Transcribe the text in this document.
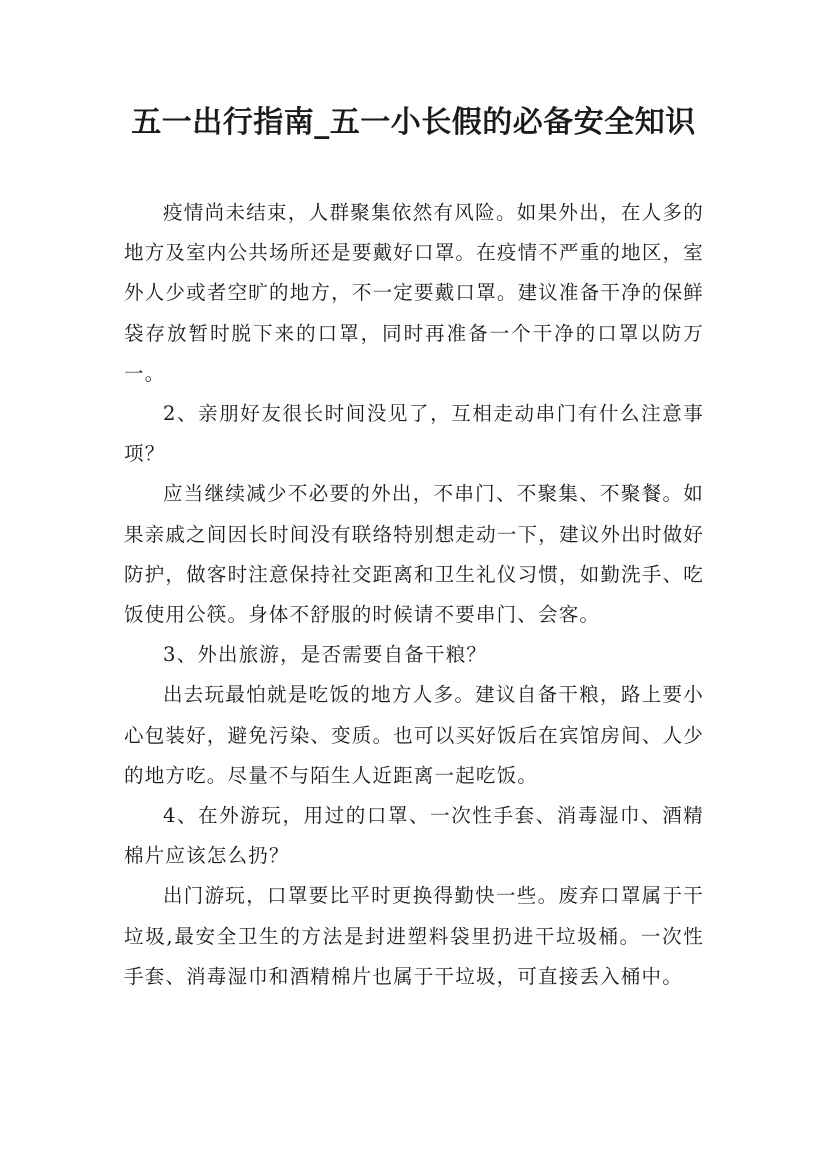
五一出行指南_五一小长假的必备安全知识

疫情尚未结束，人群聚集依然有风险。如果外出，在人多的地方及室内公共场所还是要戴好口罩。在疫情不严重的地区，室外人少或者空旷的地方，不一定要戴口罩。建议准备干净的保鲜袋存放暂时脱下来的口罩，同时再准备一个干净的口罩以防万一。

2、亲朋好友很长时间没见了，互相走动串门有什么注意事项？

应当继续减少不必要的外出，不串门、不聚集、不聚餐。如果亲戚之间因长时间没有联络特别想走动一下，建议外出时做好防护，做客时注意保持社交距离和卫生礼仪习惯，如勤洗手、吃饭使用公筷。身体不舒服的时候请不要串门、会客。

3、外出旅游，是否需要自备干粮？

出去玩最怕就是吃饭的地方人多。建议自备干粮，路上要小心包装好，避免污染、变质。也可以买好饭后在宾馆房间、人少的地方吃。尽量不与陌生人近距离一起吃饭。

4、在外游玩，用过的口罩、一次性手套、消毒湿巾、酒精棉片应该怎么扔？

出门游玩，口罩要比平时更换得勤快一些。废弃口罩属于干垃圾,最安全卫生的方法是封进塑料袋里扔进干垃圾桶。一次性手套、消毒湿巾和酒精棉片也属于干垃圾，可直接丢入桶中。
